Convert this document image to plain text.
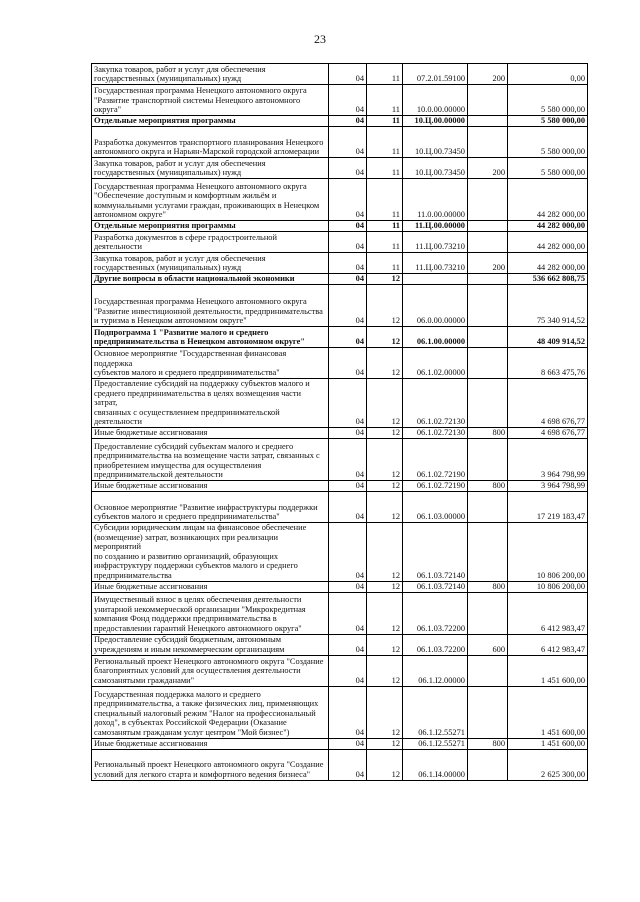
23
Закупка товаров, работ и услуг для обеспечения
государственных (муниципальных) нужд	04	11	07.2.01.59100	200	0,00
Государственная программа Ненецкого автономного округа
"Развитие транспортной системы Ненецкого автономного
округа"	04	11	10.0.00.00000		5 580 000,00
Отдельные мероприятия программы	04	11	10.Ц.00.00000		5 580 000,00
Разработка документов транспортного планирования Ненецкого
автономного округа и Нарьян-Марской городской агломерации	04	11	10.Ц.00.73450		5 580 000,00
Закупка товаров, работ и услуг для обеспечения
государственных (муниципальных) нужд	04	11	10.Ц.00.73450	200	5 580 000,00
Государственная программа Ненецкого автономного округа
"Обеспечение доступным и комфортным жильём и
коммунальными услугами граждан, проживающих в Ненецком
автономном округе"	04	11	11.0.00.00000		44 282 000,00
Отдельные мероприятия программы	04	11	11.Ц.00.00000		44 282 000,00
Разработка документов в сфере градостроительной деятельности	04	11	11.Ц.00.73210		44 282 000,00
Закупка товаров, работ и услуг для обеспечения
государственных (муниципальных) нужд	04	11	11.Ц.00.73210	200	44 282 000,00
Другие вопросы в области национальной экономики	04	12			536 662 808,75
Государственная программа Ненецкого автономного округа
"Развитие инвестиционной деятельности, предпринимательства
и туризма в Ненецком автономном округе"	04	12	06.0.00.00000		75 340 914,52
Подпрограмма 1 "Развитие малого и среднего
предпринимательства в Ненецком автономном округе"	04	12	06.1.00.00000		48 409 914,52
Основное мероприятие "Государственная финансовая поддержка
субъектов малого и среднего предпринимательства"	04	12	06.1.02.00000		8 663 475,76
Предоставление субсидий на поддержку субъектов малого и
среднего предпринимательства в целях возмещения части затрат,
связанных с осуществлением предпринимательской
деятельности	04	12	06.1.02.72130		4 698 676,77
Иные бюджетные ассигнования	04	12	06.1.02.72130	800	4 698 676,77
Предоставление субсидий субъектам малого и среднего
предпринимательства на возмещение части затрат, связанных с
приобретением имущества для осуществления
предпринимательской деятельности	04	12	06.1.02.72190		3 964 798,99
Иные бюджетные ассигнования	04	12	06.1.02.72190	800	3 964 798,99
Основное мероприятие "Развитие инфраструктуры поддержки
субъектов малого и среднего предпринимательства"	04	12	06.1.03.00000		17 219 183,47
Субсидии юридическим лицам на финансовое обеспечение
(возмещение) затрат, возникающих при реализации мероприятий
по созданию и развитию организаций, образующих
инфраструктуру поддержки субъектов малого и среднего
предпринимательства	04	12	06.1.03.72140		10 806 200,00
Иные бюджетные ассигнования	04	12	06.1.03.72140	800	10 806 200,00
Имущественный взнос в целях обеспечения деятельности
унитарной некоммерческой организации "Микрокредитная
компания Фонд поддержки предпринимательства в
предоставлении гарантий Ненецкого автономного округа"	04	12	06.1.03.72200		6 412 983,47
Предоставление субсидий бюджетным, автономным
учреждениям и иным некоммерческим организациям	04	12	06.1.03.72200	600	6 412 983,47
Региональный проект Ненецкого автономного округа "Создание
благоприятных условий для осуществления деятельности
самозанятыми гражданами"	04	12	06.1.I2.00000		1 451 600,00
Государственная поддержка малого и среднего
предпринимательства, а также физических лиц, применяющих
специальный налоговый режим "Налог на профессиональный
доход", в субъектах Российской Федерации (Оказание
самозанятым гражданам услуг центром "Мой бизнес")	04	12	06.1.I2.55271		1 451 600,00
Иные бюджетные ассигнования	04	12	06.1.I2.55271	800	1 451 600,00
Региональный проект Ненецкого автономного округа "Создание
условий для легкого старта и комфортного ведения бизнеса"	04	12	06.1.I4.00000		2 625 300,00
